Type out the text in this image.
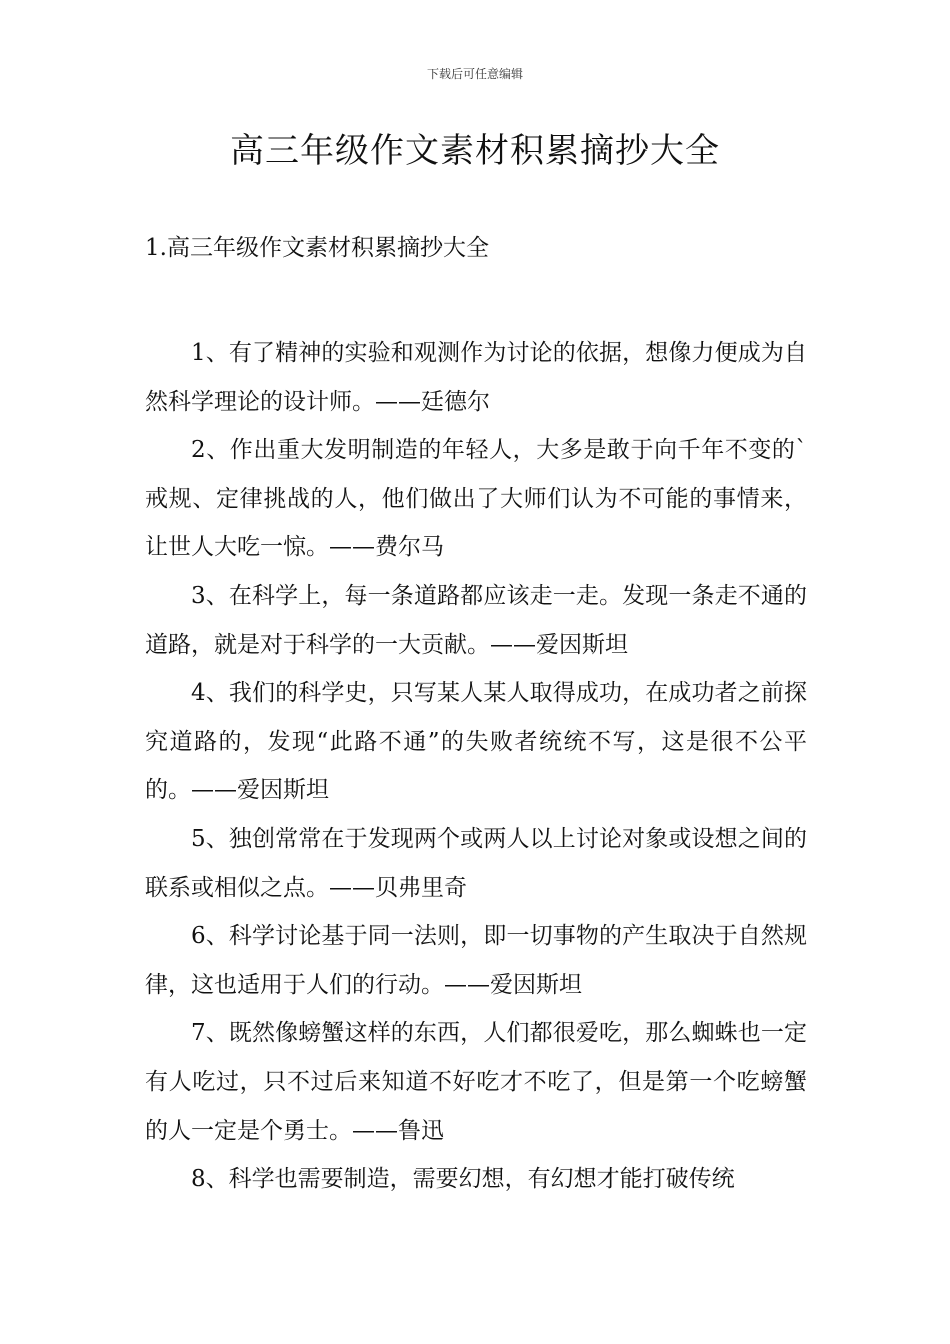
下载后可任意编辑
高三年级作文素材积累摘抄大全
1.高三年级作文素材积累摘抄大全

1、有了精神的实验和观测作为讨论的依据，想像力便成为自然科学理论的设计师。——廷德尔

2、作出重大发明制造的年轻人，大多是敢于向千年不变的`戒规、定律挑战的人，他们做出了大师们认为不可能的事情来，让世人大吃一惊。——费尔马

3、在科学上，每一条道路都应该走一走。发现一条走不通的道路，就是对于科学的一大贡献。——爱因斯坦

4、我们的科学史，只写某人某人取得成功，在成功者之前探究道路的，发现“此路不通”的失败者统统不写，这是很不公平的。——爱因斯坦

5、独创常常在于发现两个或两人以上讨论对象或设想之间的联系或相似之点。——贝弗里奇

6、科学讨论基于同一法则，即一切事物的产生取决于自然规律，这也适用于人们的行动。——爱因斯坦

7、既然像螃蟹这样的东西，人们都很爱吃，那么蜘蛛也一定有人吃过，只不过后来知道不好吃才不吃了，但是第一个吃螃蟹的人一定是个勇士。——鲁迅

8、科学也需要制造，需要幻想，有幻想才能打破传统
